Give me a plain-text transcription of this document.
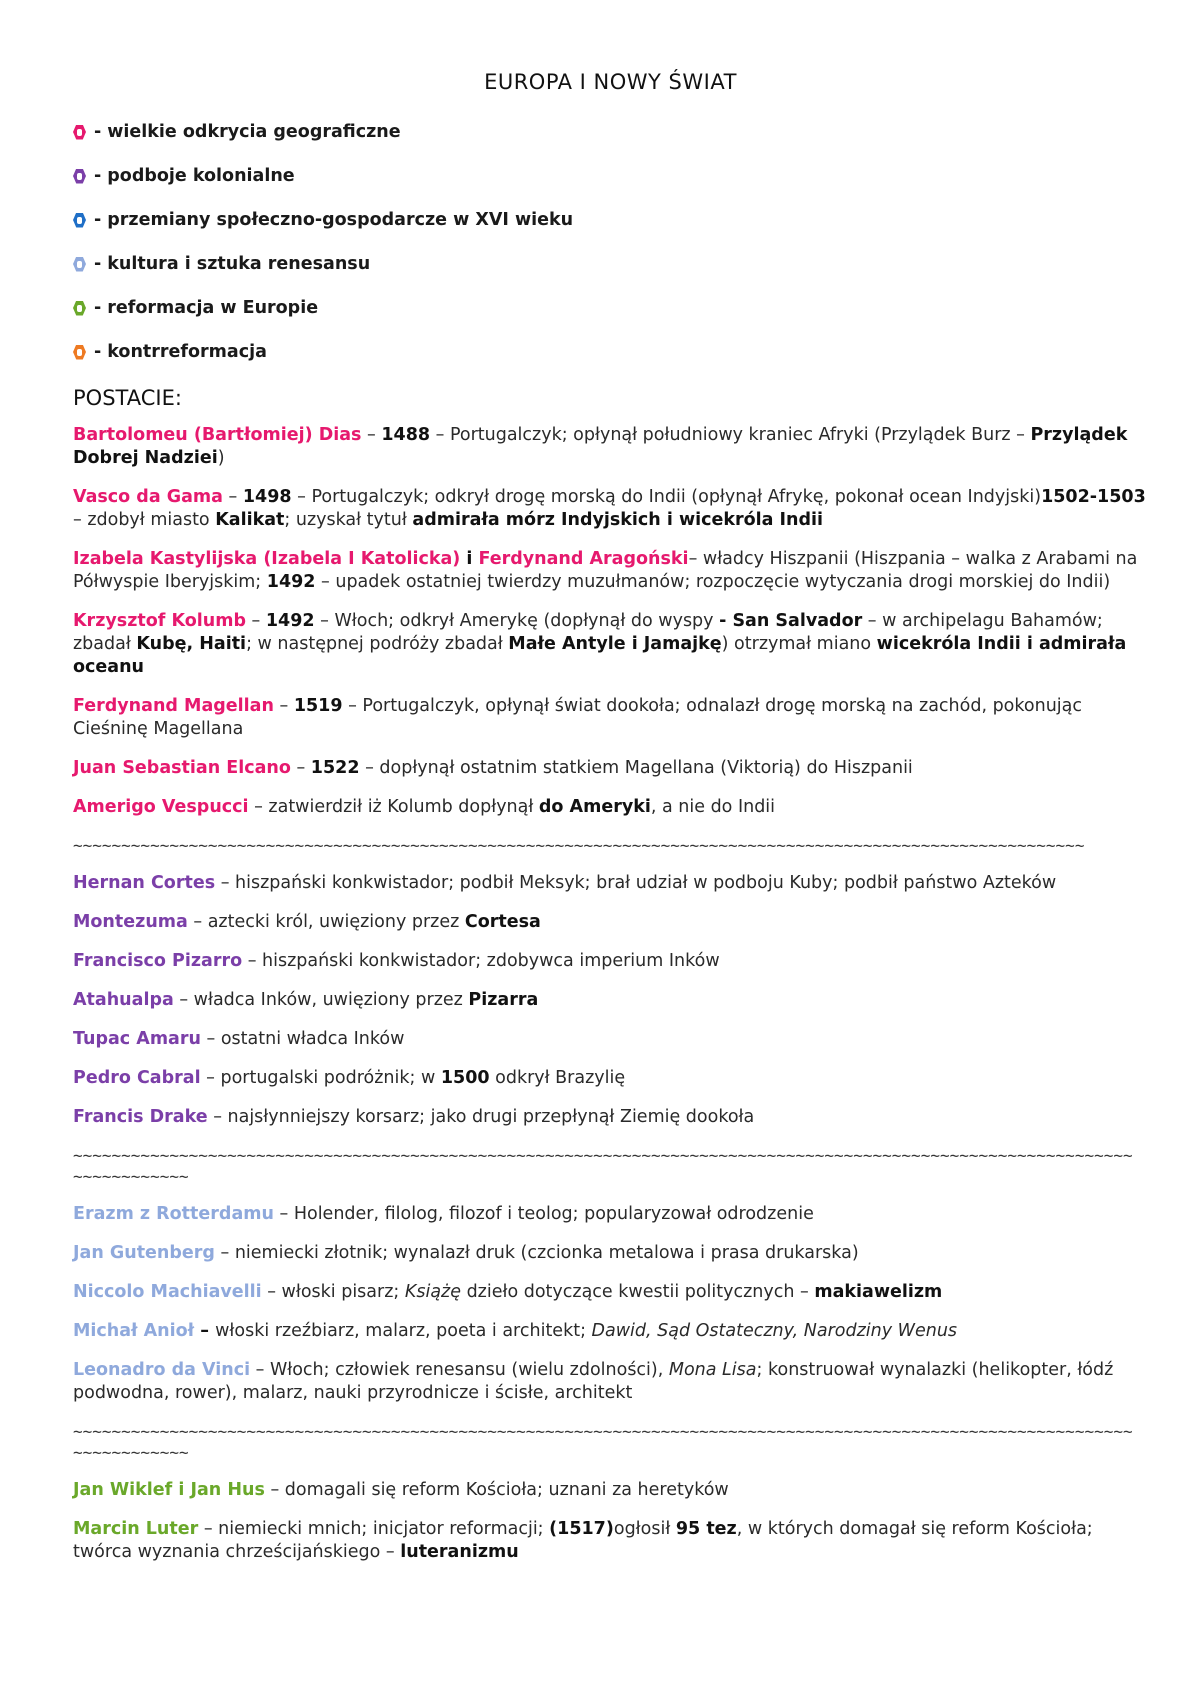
EUROPA I NOWY ŚWIAT
- wielkie odkrycia geograficzne
- podboje kolonialne
- przemiany społeczno-gospodarcze w XVI wieku
- kultura i sztuka renesansu
- reformacja w Europie
- kontrreformacja
POSTACIE:
Bartolomeu (Bartłomiej) Dias – 1488 – Portugalczyk; opłynął południowy kraniec Afryki (Przylądek Burz – Przylądek Dobrej Nadziei)
Vasco da Gama – 1498 – Portugalczyk; odkrył drogę morską do Indii (opłynął Afrykę, pokonał ocean Indyjski)1502-1503 – zdobył miasto Kalikat; uzyskał tytuł admirała mórz Indyjskich i wicekróla Indii
Izabela Kastylijska (Izabela I Katolicka) i Ferdynand Aragoński– władcy Hiszpanii (Hiszpania – walka z Arabami na Półwyspie Iberyjskim; 1492 – upadek ostatniej twierdzy muzułmanów; rozpoczęcie wytyczania drogi morskiej do Indii)
Krzysztof Kolumb – 1492 – Włoch; odkrył Amerykę (dopłynął do wyspy - San Salvador – w archipelagu Bahamów; zbadał Kubę, Haiti; w następnej podróży zbadał Małe Antyle i Jamajkę) otrzymał miano wicekróla Indii i admirała oceanu
Ferdynand Magellan – 1519 – Portugalczyk, opłynął świat dookoła; odnalazł drogę morską na zachód, pokonując Cieśninę Magellana
Juan Sebastian Elcano – 1522 – dopłynął ostatnim statkiem Magellana (Viktorią) do Hiszpanii
Amerigo Vespucci – zatwierdził iż Kolumb dopłynął do Ameryki, a nie do Indii
~~~~~~~~~~~~~~~~~~~~~~~~~~~~~~~~~~~~~~~~~~~~~~~~~~~~~~~~~~~~~~~~~~~~~~~~~~~~~~~~~~~~~~~~~~~~~~~~~~~~~~~~~
Hernan Cortes – hiszpański konkwistador; podbił Meksyk; brał udział w podboju Kuby; podbił państwo Azteków
Montezuma – aztecki król, uwięziony przez Cortesa
Francisco Pizarro – hiszpański konkwistador; zdobywca imperium Inków
Atahualpa – władca Inków, uwięziony przez Pizarra
Tupac Amaru – ostatni władca Inków
Pedro Cabral – portugalski podróżnik; w 1500 odkrył Brazylię
Francis Drake – najsłynniejszy korsarz; jako drugi przepłynął Ziemię dookoła
~~~~~~~~~~~~~~~~~~~~~~~~~~~~~~~~~~~~~~~~~~~~~~~~~~~~~~~~~~~~~~~~~~~~~~~~~~~~~~~~~~~~~~~~~~~~~~~~~~~~~~~~~~~~~~~~~~~~~~~~~~
Erazm z Rotterdamu – Holender, filolog, filozof i teolog; popularyzował odrodzenie
Jan Gutenberg – niemiecki złotnik; wynalazł druk (czcionka metalowa i prasa drukarska)
Niccolo Machiavelli – włoski pisarz; Książę dzieło dotyczące kwestii politycznych – makiawelizm
Michał Anioł – włoski rzeźbiarz, malarz, poeta i architekt; Dawid, Sąd Ostateczny, Narodziny Wenus
Leonadro da Vinci – Włoch; człowiek renesansu (wielu zdolności), Mona Lisa; konstruował wynalazki (helikopter, łódź podwodna, rower), malarz, nauki przyrodnicze i ścisłe, architekt
~~~~~~~~~~~~~~~~~~~~~~~~~~~~~~~~~~~~~~~~~~~~~~~~~~~~~~~~~~~~~~~~~~~~~~~~~~~~~~~~~~~~~~~~~~~~~~~~~~~~~~~~~~~~~~~~~~~~~~~~~~
Jan Wiklef i Jan Hus – domagali się reform Kościoła; uznani za heretyków
Marcin Luter – niemiecki mnich; inicjator reformacji; (1517)ogłosił 95 tez, w których domagał się reform Kościoła; twórca wyznania chrześcijańskiego – luteranizmu
